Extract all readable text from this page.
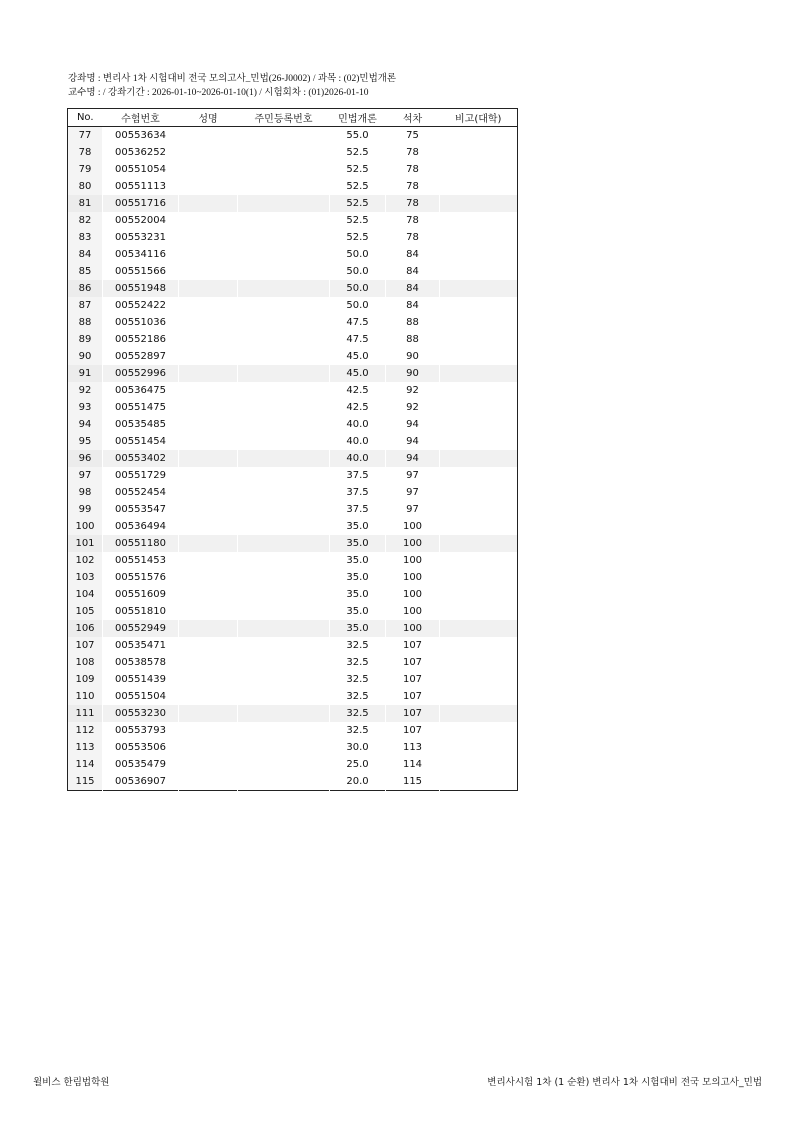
강좌명 : 변리사 1차 시험대비 전국 모의고사_민법(26-J0002) / 과목 : (02)민법개론
교수명 : / 강좌기간 : 2026-01-10~2026-01-10(1) / 시험회차 : (01)2026-01-10
No.	수험번호	성명	주민등록번호	민법개론	석차	비고(대학)
77	00553634			55.0	75	
78	00536252			52.5	78	
79	00551054			52.5	78	
80	00551113			52.5	78	
81	00551716			52.5	78	
82	00552004			52.5	78	
83	00553231			52.5	78	
84	00534116			50.0	84	
85	00551566			50.0	84	
86	00551948			50.0	84	
87	00552422			50.0	84	
88	00551036			47.5	88	
89	00552186			47.5	88	
90	00552897			45.0	90	
91	00552996			45.0	90	
92	00536475			42.5	92	
93	00551475			42.5	92	
94	00535485			40.0	94	
95	00551454			40.0	94	
96	00553402			40.0	94	
97	00551729			37.5	97	
98	00552454			37.5	97	
99	00553547			37.5	97	
100	00536494			35.0	100	
101	00551180			35.0	100	
102	00551453			35.0	100	
103	00551576			35.0	100	
104	00551609			35.0	100	
105	00551810			35.0	100	
106	00552949			35.0	100	
107	00535471			32.5	107	
108	00538578			32.5	107	
109	00551439			32.5	107	
110	00551504			32.5	107	
111	00553230			32.5	107	
112	00553793			32.5	107	
113	00553506			30.0	113	
114	00535479			25.0	114	
115	00536907			20.0	115	
윌비스 한림법학원	변리사시험 1차 (1 순환) 변리사 1차 시험대비 전국 모의고사_민법
